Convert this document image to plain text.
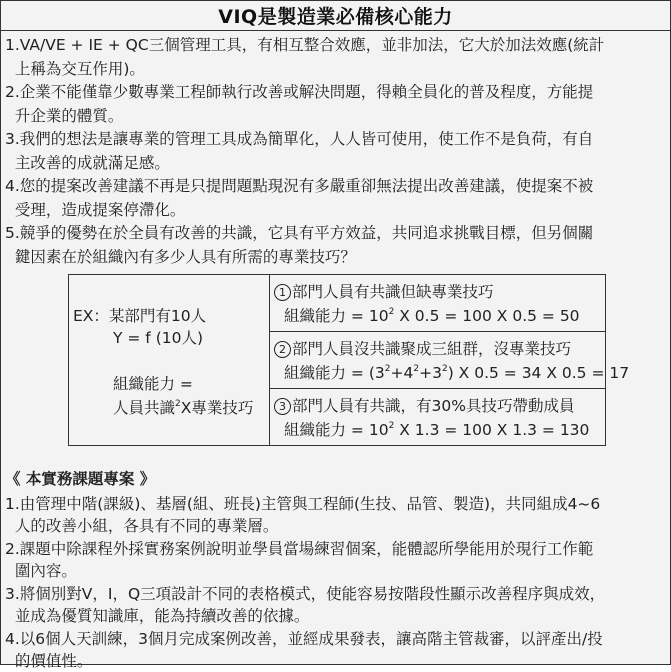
VIQ是製造業必備核心能力

1.VA/VE + IE + QC三個管理工具，有相互整合效應，並非加法，它大於加法效應(統計

上稱為交互作用)。

2.企業不能僅靠少數專業工程師執行改善或解決問題，得賴全員化的普及程度，方能提

升企業的體質。

3.我們的想法是讓專業的管理工具成為簡單化，人人皆可使用，使工作不是負荷，有自

主改善的成就滿足感。

4.您的提案改善建議不再是只提問題點現況有多嚴重卻無法提出改善建議，使提案不被

受理，造成提案停滯化。

5.競爭的優勢在於全員有改善的共識，它具有平方效益，共同追求挑戰目標，但另個關

鍵因素在於組織內有多少人具有所需的專業技巧？

EX：某部門有10人
Y = f (10人)
組織能力 =
人員共識$^2$X專業技巧
1 部門人員有共識但缺專業技巧
組織能力 = $10^2$ X 0.5 = 100 X 0.5 = 50
2 部門人員沒共識聚成三組群，沒專業技巧
組織能力 = $(3^2+4^2+3^2)$ X 0.5 = 34 X 0.5 = 17
3 部門人員有共識，有30%具技巧帶動成員
組織能力 = $10^2$ X 1.3 = 100 X 1.3 = 130

《 本實務課題專案 》

1.由管理中階(課級)、基層(組、班長)主管與工程師(生技、品管、製造)，共同組成4~6

人的改善小組，各具有不同的專業層。

2.課題中除課程外採實務案例說明並學員當場練習個案，能體認所學能用於現行工作範

圍內容。

3.將個別對V，I，Q三項設計不同的表格模式，使能容易按階段性顯示改善程序與成效，

並成為優質知識庫，能為持續改善的依據。

4.以6個人天訓練，3個月完成案例改善，並經成果發表，讓高階主管裁審，以評產出/投

的價值性。
